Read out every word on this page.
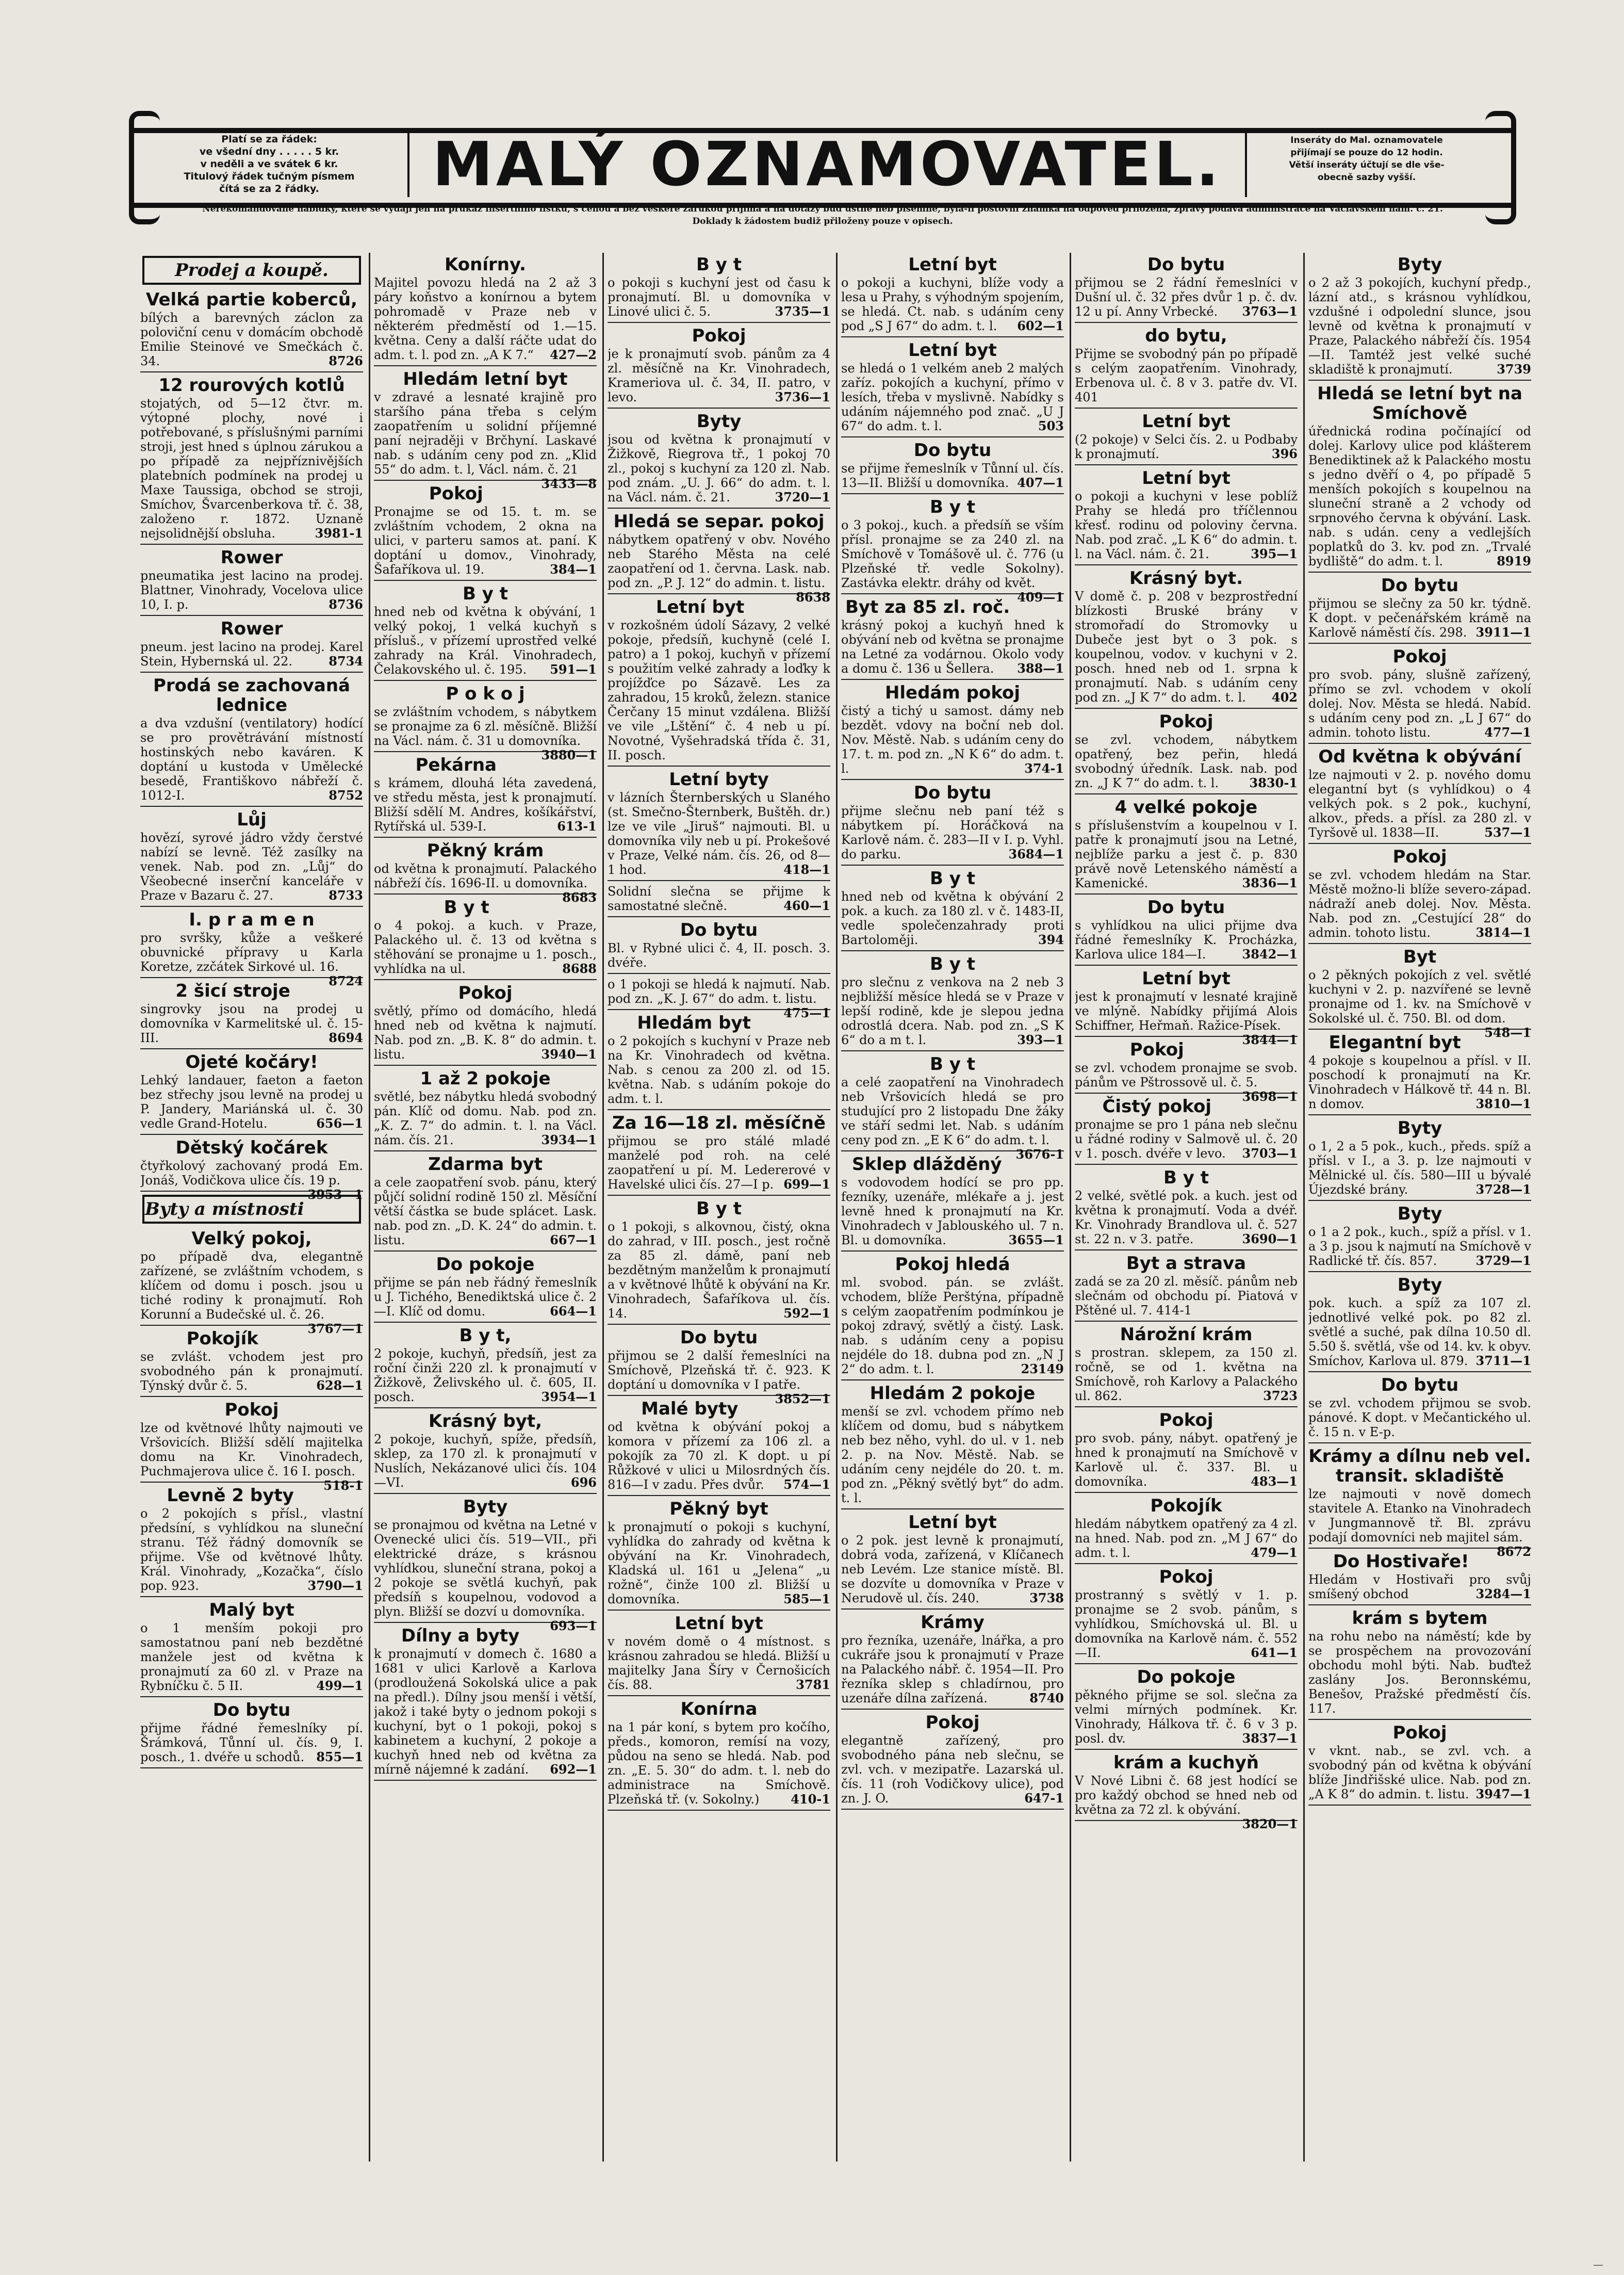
Platí se za řádek:
ve všední dny . . . . . 5 kr.
v neděli a ve svátek 6 kr.
Titulový řádek tučným písmem
čítá se za 2 řádky.	MALÝ OZNAMOVATEL.	Inseráty do Mal. oznamovatele
přijímají se pouze do 12 hodin.
Větší inseráty účtují se dle vše-
obecně sazby vyšší.
Nerekomandované nabídky, které se vydají jen na průkaz insertního lístku, s cenou a bez veškeré zárukou přijímá a na dotazy buď ústně neb písemně, byla-li poštovní známka na odpověď přiložena, zprávy podává administrace na Václavském nám. č. 21. Doklady k žádostem budiž přiloženy pouze v opisech.
Prodej a koupě.
Velká partie koberců,
bílých a barevných záclon za poloviční cenu v domácím obchodě Emilie Steinové ve Smečkách č. 34.	8726
12 rourových kotlů
stojatých, od 5—12 čtvr. m. výtopné plochy, nové i potřebované, s příslušnými parními stroji, jest hned s úplnou zárukou a po případě za nejpříznivějších platebních podmínek na prodej u Maxe Taussiga, obchod se stroji, Smíchov, Švarcenberkova tř. č. 38, založeno r. 1872. Uznaně nejsolidnější obsluha.	3981-1
Rower
pneumatika jest lacino na prodej. Blattner, Vinohrady, Vocelova ulice 10, I. p.	8736
Rower
pneum. jest lacino na prodej. Karel Stein, Hybernská ul. 22.	8734
Prodá se zachovaná lednice
a dva vzdušní (ventilatory) hodící se pro provětrávání místností hostinských nebo kaváren. K doptání u kustoda v Umělecké besedě, Františkovo nábřeží č. 1012-I.	8752
Lůj
hovězí, syrové jádro vždy čerstvé nabízí se levně. Též zasílky na venek. Nab. pod zn. „Lůj“ do Všeobecné inserční kanceláře v Praze v Bazaru č. 27.	8733
I. p r a m e n
pro svršky, kůže a veškeré obuvnické přípravy u Karla Koretze, zzčátek Sirkové ul. 16.
8724
2 šicí stroje
singrovky jsou na prodej u domovníka v Karmelitské ul. č. 15-III.	8694
Ojeté kočáry!
Lehký landauer, faeton a faeton bez střechy jsou levně na prodej u P. Jandery, Mariánská ul. č. 30 vedle Grand-Hotelu.	656—1
Dětský kočárek
čtyřkolový zachovaný prodá Em. Jonáš, Vodičkova ulice čís. 19 p.
3953—1
Byty a místnosti
Velký pokoj,
po případě dva, elegantně zařízené, se zvláštním vchodem, s klíčem od domu i posch. jsou u tiché rodiny k pronajmutí. Roh Korunní a Budečské ul. č. 26.
3767—1
Pokojík
se zvlášt. vchodem jest pro svobodného pán k pronajmutí. Týnský dvůr č. 5.	628—1
Pokoj
lze od květnové lhůty najmouti ve Vršovicích. Bližší sdělí majitelka domu na Kr. Vinohradech, Puchmajerova ulice č. 16 I. posch.
518-1
Levně 2 byty
o 2 pokojích s přísl., vlastní předsíní, s vyhlídkou na sluneční stranu. Též řádný domovník se přijme. Vše od květnové lhůty. Král. Vinohrady, „Kozačka“, číslo pop. 923.	3790—1
Malý byt
o 1 menším pokoji pro samostatnou paní neb bezdětné manžele jest od května k pronajmutí za 60 zl. v Praze na Rybníčku č. 5 II.	499—1
Do bytu
přijme řádné řemeslníky pí. Šrámková, Tůnní ul. čís. 9, I. posch., 1. dvéře u schodů. 855—1
Konírny.
Majitel povozu hledá na 2 až 3 páry koňstvo a konírnou a bytem pohromadě v Praze neb v některém předměstí od 1.—15. května. Ceny a další ráčte udat do adm. t. l. pod zn. „A K 7.“ 427—2
Hledám letní byt
v zdravé a lesnaté krajině pro staršího pána třeba s celým zaopatřením u solidní příjemné paní nejraději v Brčhyní. Laskavé nab. s udáním ceny pod zn. „Klid 55“ do adm. t. l, Václ. nám. č. 21
3433—8
Pokoj
Pronajme se od 15. t. m. se zvláštním vchodem, 2 okna na ulici, v parteru samos at. paní. K doptání u domov., Vinohrady, Šafaříkova ul. 19.	384—1
B y t
hned neb od května k obývání, 1 velký pokoj, 1 velká kuchyň s přísluš., v přízemí uprostřed velké zahrady na Král. Vinohradech, Čelakovského ul. č. 195. 591—1
P o k o j
se zvláštním vchodem, s nábytkem se pronajme za 6 zl. měsíčně. Bližší na Václ. nám. č. 31 u domovníka.
3880—1
Pekárna
s krámem, dlouhá léta zavedená, ve středu města, jest k pronajmutí. Bližší sdělí M. Andres, košíkářství, Rytířská ul. 539-I.	613-1
Pěkný krám
od května k pronajmutí. Palackého nábřeží čís. 1696-II. u domovníka.
8683
B y t
o 4 pokoj. a kuch. v Praze, Palackého ul. č. 13 od května s stěhování se pronajme u 1. posch., vyhlídka na ul.	8688
Pokoj
světlý, přímo od domácího, hledá hned neb od května k najmutí. Nab. pod zn. „B. K. 8“ do admin. t. listu.	3940—1
1 až 2 pokoje
světlé, bez nábytku hledá svobodný pán. Klíč od domu. Nab. pod zn. „K. Z. 7“ do admin. t. l. na Václ. nám. čís. 21.	3934—1
Zdarma byt
a cele zaopatření svob. pánu, který půjčí solidní rodině 150 zl. Měsíční větší částka se bude splácet. Lask. nab. pod zn. „D. K. 24“ do admin. t. listu.	667—1
Do pokoje
přijme se pán neb řádný řemeslník u J. Tichého, Benediktská ulice č. 2—I. Klíč od domu.	664—1
B y t,
2 pokoje, kuchyň, předsíň, jest za roční činži 220 zl. k pronajmutí v Žižkově, Želivského ul. č. 605, II. posch.	3954—1
Krásný byt,
2 pokoje, kuchyň, spíže, předsíň, sklep, za 170 zl. k pronajmutí v Nuslích, Nekázanové ulici čís. 104—VI.	696
Byty
se pronajmou od května na Letné v Ovenecké ulici čís. 519—VII., při elektrické dráze, s krásnou vyhlídkou, sluneční strana, pokoj a 2 pokoje se světlá kuchyň, pak předsíň s koupelnou, vodovod a plyn. Bližší se dozví u domovníka.
693—1
Dílny a byty
k pronajmutí v domech č. 1680 a 1681 v ulici Karlově a Karlova (prodloužená Sokolská ulice a pak na předl.). Dílny jsou menší i větší, jakož i také byty o jednom pokoji s kuchyní, byt o 1 pokoji, pokoj s kabinetem a kuchyní, 2 pokoje a kuchyň hned neb od května za mírně nájemné k zadání. 692—1
B y t
o pokoji s kuchyní jest od času k pronajmutí. Bl. u domovníka v Linové ulici č. 5.	3735—1
Pokoj
je k pronajmutí svob. pánům za 4 zl. měsíčně na Kr. Vinohradech, Krameriova ul. č. 34, II. patro, v levo.	3736—1
Byty
jsou od května k pronajmutí v Žižkově, Riegrova tř., 1 pokoj 70 zl., pokoj s kuchyní za 120 zl. Nab. pod znám. „U. J. 66“ do adm. t. l. na Václ. nám. č. 21.	3720—1
Hledá se separ. pokoj
nábytkem opatřený v obv. Nového neb Starého Města na celé zaopatření od 1. června. Lask. nab. pod zn. „P. J. 12“ do admin. t. listu.
8638
Letní byt
v rozkošném údolí Sázavy, 2 velké pokoje, předsíň, kuchyně (celé I. patro) a 1 pokoj, kuchyň v přízemí s použitím velké zahrady a loďky k projížďce po Sázavě. Les za zahradou, 15 kroků, železn. stanice Čerčany 15 minut vzdálena. Bližší ve vile „Lštění“ č. 4 neb u pí. Novotné, Vyšehradská třída č. 31, II. posch.
Letní byty
v lázních Šternberských u Slaného (st. Smečno-Šternberk, Buštěh. dr.) lze ve vile „Jiruš“ najmouti. Bl. u domovníka vily neb u pí. Prokešové v Praze, Velké nám. čís. 26, od 8—1 hod.	418—1
Solidní slečna se přijme k samostatné slečně.	460—1
Do bytu
Bl. v Rybné ulici č. 4, II. posch. 3. dvéře.
o 1 pokoji se hledá k najmutí. Nab. pod zn. „K. J. 67“ do adm. t. listu.
475—1
Hledám byt
o 2 pokojích s kuchyní v Praze neb na Kr. Vinohradech od května. Nab. s cenou za 200 zl. od 15. května. Nab. s udáním pokoje do adm. t. l.
Za 16—18 zl. měsíčně
přijmou se pro stálé mladé manželé pod roh. na celé zaopatření u pí. M. Ledererové v Havelské ulici čís. 27—I p. 699—1
B y t
o 1 pokoji, s alkovnou, čistý, okna do zahrad, v III. posch., jest ročně za 85 zl. dámě, paní neb bezdětným manželům k pronajmutí a v květnové lhůtě k obývání na Kr. Vinohradech, Šafaříkova ul. čís. 14.	592—1
Do bytu
přijmou se 2 další řemeslníci na Smíchově, Plzeňská tř. č. 923. K doptání u domovníka v I patře.
3852—1
Malé byty
od května k obývání pokoj a komora v přízemí za 106 zl. a pokojík za 70 zl. K dopt. u pí Růžkové v ulici u Milosrdných čís. 816—I v zadu. Přes dvůr. 574—1
Pěkný byt
k pronajmutí o pokoji s kuchyní, vyhlídka do zahrady od května k obývání na Kr. Vinohradech, Kladská ul. 161 u „Jelena“ „u rožně“, činže 100 zl. Bližší u domovníka.	585—1
Letní byt
v novém domě o 4 místnost. s krásnou zahradou se hledá. Bližší u majitelky Jana Šíry v Černošicích čís. 88.	3781
Konírna
na 1 pár koní, s bytem pro kočího, předs., komoron, remísí na vozy, půdou na seno se hledá. Nab. pod zn. „E. 5. 30“ do adm. t. l. neb do administrace na Smíchově. Plzeňská tř. (v. Sokolny.)	410-1
Letní byt
o pokoji a kuchyni, blíže vody a lesa u Prahy, s výhodným spojením, se hledá. Ct. nab. s udáním ceny pod „S J 67“ do adm. t. l. 602—1
Letní byt
se hledá o 1 velkém aneb 2 malých zaříz. pokojích a kuchyní, přímo v lesích, třeba v myslivně. Nabídky s udáním nájemného pod znač. „U J 67“ do adm. t. l.	503
Do bytu
se přijme řemeslník v Tůnní ul. čís. 13—II. Bližší u domovníka. 407—1
B y t
o 3 pokoj., kuch. a předsíň se vším přísl. pronajme se za 240 zl. na Smíchově v Tomášově ul. č. 776 (u Plzeňské tř. vedle Sokolny). Zastávka elektr. dráhy od květ.
409—1
Byt za 85 zl. roč.
krásný pokoj a kuchyň hned k obývání neb od května se pronajme na Letné za vodárnou. Okolo vody a domu č. 136 u Šellera. 388—1
Hledám pokoj
čistý a tichý u samost. dámy neb bezdět. vdovy na boční neb dol. Nov. Městě. Nab. s udáním ceny do 17. t. m. pod zn. „N K 6“ do adm. t. l.	374-1
Do bytu
přijme slečnu neb paní též s nábytkem pí. Horáčková na Karlově nám. č. 283—II v I. p. Vyhl. do parku.	3684—1
B y t
hned neb od května k obývání 2 pok. a kuch. za 180 zl. v č. 1483-II, vedle společenzahrady proti Bartoloměji.	394
B y t
pro slečnu z venkova na 2 neb 3 nejbližší měsíce hledá se v Praze v lepší rodině, kde je slepou jedna odrostlá dcera. Nab. pod zn. „S K 6“ do a m t. l.	393—1
B y t
a celé zaopatření na Vinohradech neb Vršovicích hledá se pro studující pro 2 listopadu Dne žáky ve stáří sedmi let. Nab. s udáním ceny pod zn. „E K 6“ do adm. t. l.
3676-1
Sklep dlážděný
s vodovodem hodící se pro pp. fezníky, uzenáře, mlékaře a j. jest levně hned k pronajmutí na Kr. Vinohradech v Jablouského ul. 7 n. Bl. u domovníka.	3655—1
Pokoj hledá
ml. svobod. pán. se zvlášt. vchodem, blíže Perštýna, případně s celým zaopatřením podmínkou je pokoj zdravý, světlý a čistý. Lask. nab. s udáním ceny a popisu nejdéle do 18. dubna pod zn. „N J 2“ do adm. t. l.	23149
Hledám 2 pokoje
menší se zvl. vchodem přímo neb klíčem od domu, bud s nábytkem neb bez něho, vyhl. do ul. v 1. neb 2. p. na Nov. Městě. Nab. se udáním ceny nejdéle do 20. t. m. pod zn. „Pěkný světlý byt“ do adm. t. l.
Letní byt
o 2 pok. jest levně k pronajmutí, dobrá voda, zařízená, v Klíčanech neb Levém. Lze stanice místě. Bl. se dozvíte u domovníka v Praze v Nerudově ul. čís. 240.	3738
Krámy
pro řezníka, uzenáře, lnářka, a pro cukráře jsou k pronajmutí v Praze na Palackého nábř. č. 1954—II. Pro řezníka sklep s chladírnou, pro uzenáře dílna zařízená.	8740
Pokoj
elegantně zařízený, pro svobodného pána neb slečnu, se zvl. vch. v mezipatře. Lazarská ul. čís. 11 (roh Vodičkovy ulice), pod zn. J. O.	647-1
Do bytu
přijmou se 2 řádní řemeslníci v Dušní ul. č. 32 přes dvůr 1 p. č. dv. 12 u pí. Anny Vrbecké. 3763—1
do bytu,
Přijme se svobodný pán po případě s celým zaopatřením. Vinohrady, Erbenova ul. č. 8 v 3. patře dv. VI. 401
Letní byt
(2 pokoje) v Selci čís. 2. u Podbaby k pronajmutí.	396
Letní byt
o pokoji a kuchyni v lese poblíž Prahy se hledá pro tříčlennou křesť. rodinu od poloviny června. Nab. pod zrač. „L K 6“ do admin. t. l. na Václ. nám. č. 21.	395—1
Krásný byt.
V domě č. p. 208 v bezprostřední blízkosti Bruské brány v stromořadí do Stromovky u Dubeče jest byt o 3 pok. s koupelnou, vodov. v kuchyni v 2. posch. hned neb od 1. srpna k pronajmutí. Nab. s udáním ceny pod zn. „J K 7“ do adm. t. l. 402
Pokoj
se zvl. vchodem, nábytkem opatřený, bez peřin, hledá svobodný úředník. Lask. nab. pod zn. „J K 7“ do adm. t. l. 3830-1
4 velké pokoje
s příslušenstvím a koupelnou v I. patře k pronajmutí jsou na Letné, nejblíže parku a jest č. p. 830 právě nově Letenského náměstí a Kamenické.	3836—1
Do bytu
s vyhlídkou na ulici přijme dva řádné řemeslníky K. Procházka, Karlova ulice 184—I.	3842—1
Letní byt
jest k pronajmutí v lesnaté krajině ve mlýně. Nabídky přijímá Alois Schiffner, Heřmaň. Ražice-Písek.
3844—1
Pokoj
se zvl. vchodem pronajme se svob. pánům ve Pštrossově ul. č. 5.
3698—1
Čistý pokoj
pronajme se pro 1 pána neb slečnu u řádné rodiny v Salmově ul. č. 20 v 1. posch. dvéře v levo. 3703—1
B y t
2 velké, světlé pok. a kuch. jest od května k pronajmutí. Voda a dvéř. Kr. Vinohrady Brandlova ul. č. 527 st. 22 n. v 3. patře.	3690—1
Byt a strava
zadá se za 20 zl. měsíč. pánům neb slečnám od obchodu pí. Piatová v Pštěné ul. 7. 414-1
Nárožní krám
s prostran. sklepem, za 150 zl. ročně, se od 1. května na Smíchově, roh Karlovy a Palackého ul. 862.	3723
Pokoj
pro svob. pány, nábyt. opatřený je hned k pronajmutí na Smíchově v Karlově ul. č. 337. Bl. u domovníka.	483—1
Pokojík
hledám nábytkem opatřený za 4 zl. na hned. Nab. pod zn. „M J 67“ do adm. t. l.	479—1
Pokoj
prostranný s světlý v 1. p. pronajme se 2 svob. pánům, s vyhlídkou, Smíchovská ul. Bl. u domovníka na Karlově nám. č. 552—II.	641—1
Do pokoje
pěkného přijme se sol. slečna za velmi mírných podmínek. Kr. Vinohrady, Hálkova tř. č. 6 v 3 p. posl. dv.	3837—1
krám a kuchyň
V Nové Libni č. 68 jest hodící se pro každý obchod se hned neb od května za 72 zl. k obývání.
3820—1
Byty
o 2 až 3 pokojích, kuchyní předp., lázní atd., s krásnou vyhlídkou, vzdušné i odpolední slunce, jsou levně od května k pronajmutí v Praze, Palackého nábřeží čís. 1954—II. Tamtéž jest velké suché skladiště k pronajmutí.	3739
Hledá se letní byt na Smíchově
úřednická rodina počínající od dolej. Karlovy ulice pod klášterem Benediktinek až k Palackého mostu s jedno dvěří o 4, po případě 5 menších pokojích s koupelnou na sluneční straně a 2 vchody od srpnového června k obývání. Lask. nab. s udán. ceny a vedlejších poplatků do 3. kv. pod zn. „Trvalé bydliště“ do adm. t. l.	8919
Do bytu
přijmou se slečny za 50 kr. týdně. K dopt. v pečenářském krámě na Karlově náměstí čís. 298. 3911—1
Pokoj
pro svob. pány, slušně zařízený, přímo se zvl. vchodem v okolí dolej. Nov. Města se hledá. Nabíd. s udáním ceny pod zn. „L J 67“ do admin. tohoto listu.	477—1
Od května k obývání
lze najmouti v 2. p. nového domu elegantní byt (s vyhlídkou) o 4 velkých pok. s 2 pok., kuchyní, alkov., předs. a přísl. za 280 zl. v Tyršově ul. 1838—II.	537—1
Pokoj
se zvl. vchodem hledám na Star. Městě možno-li blíže severo-západ. nádraží aneb dolej. Nov. Města. Nab. pod zn. „Cestující 28“ do admin. tohoto listu.	3814—1
Byt
o 2 pěkných pokojích z vel. světlé kuchyni v 2. p. nazvířené se levně pronajme od 1. kv. na Smíchově v Sokolské ul. č. 750. Bl. od dom.
548—1
Elegantní byt
4 pokoje s koupelnou a přísl. v II. poschodí k pronajmutí na Kr. Vinohradech v Hálkově tř. 44 n. Bl. n domov.	3810—1
Byty
o 1, 2 a 5 pok., kuch., předs. spíž a přísl. v I., a 3. p. lze najmouti v Mělnické ul. čís. 580—III u bývalé Újezdské brány.	3728—1
Byty
o 1 a 2 pok., kuch., spíž a přísl. v 1. a 3 p. jsou k najmutí na Smíchově v Radlické tř. čís. 857.	3729—1
Byty
pok. kuch. a spíž za 107 zl. jednotlivé velké pok. po 82 zl. světlé a suché, pak dílna 10.50 dl. 5.50 š. světlá, vše od 14. kv. k obyv. Smíchov, Karlova ul. 879. 3711—1
Do bytu
se zvl. vchodem přijmou se svob. pánové. K dopt. v Mečantického ul. č. 15 n. v E-p.
Krámy a dílnu neb vel. transit. skladiště
lze najmouti v nově domech stavitele A. Etanko na Vinohradech v Jungmannově tř. Bl. zprávu podají domovníci neb majitel sám.
8672
Do Hostivaře!
Hledám v Hostivaři pro svůj smíšený obchod	3284—1
krám s bytem
na rohu nebo na náměstí; kde by se prospěchem na provozování obchodu mohl býti. Nab. buďtež zaslány Jos. Beronnskému, Benešov, Pražské předměstí čís. 117.
Pokoj
v vknt. nab., se zvl. vch. a svobodný pán od května k obývání blíže Jindřišské ulice. Nab. pod zn. „A K 8“ do admin. t. listu. 3947—1
—
